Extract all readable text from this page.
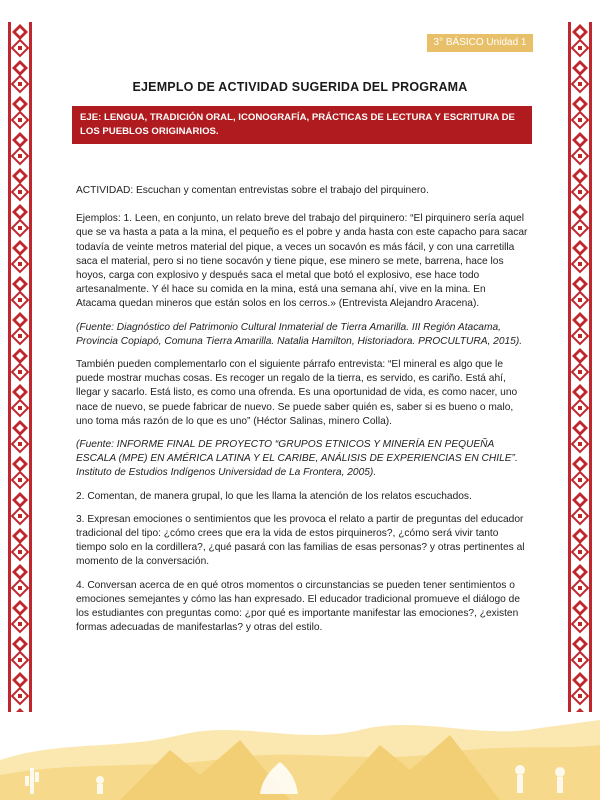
3° BÁSICO Unidad 1
EJEMPLO DE ACTIVIDAD SUGERIDA DEL PROGRAMA
EJE: LENGUA, TRADICIÓN ORAL, ICONOGRAFÍA, PRÁCTICAS DE LECTURA Y ESCRITURA DE LOS PUEBLOS ORIGINARIOS.

ACTIVIDAD: Escuchan y comentan entrevistas sobre el trabajo del pirquinero.

Ejemplos: 1. Leen, en conjunto, un relato breve del trabajo del pirquinero: “El pirquinero sería aquel que se va hasta a pata a la mina, el pequeño es el pobre y anda hasta con este capacho para sacar todavía de veinte metros material del pique, a veces un socavón es más fácil, y con una carretilla saca el material, pero si no tiene socavón y tiene pique, ese minero se mete, barrena, hace los hoyos, carga con explosivo y después saca el metal que botó el explosivo, ese hace todo artesanalmente. Y él hace su comida en la mina, está una semana ahí, vive en la mina. En Atacama quedan mineros que están solos en los cerros.» (Entrevista Alejandro Aracena).

(Fuente: Diagnóstico del Patrimonio Cultural Inmaterial de Tierra Amarilla. III Región Atacama, Provincia Copiapó, Comuna Tierra Amarilla. Natalia Hamilton, Historiadora. PROCULTURA, 2015).

También pueden complementarlo con el siguiente párrafo entrevista: “El mineral es algo que le puede mostrar muchas cosas. Es recoger un regalo de la tierra, es servido, es cariño. Está ahí, llegar y sacarlo. Está listo, es como una ofrenda. Es una oportunidad de vida, es como nacer, uno nace de nuevo, se puede fabricar de nuevo. Se puede saber quién es, saber si es bueno o malo, uno toma más razón de lo que es uno” (Héctor Salinas, minero Colla).

(Fuente: INFORME FINAL DE PROYECTO “GRUPOS ETNICOS Y MINERÍA EN PEQUEÑA ESCALA (MPE) EN AMÉRICA LATINA Y EL CARIBE, ANÁLISIS DE EXPERIENCIAS EN CHILE”. Instituto de Estudios Indígenos Universidad de La Frontera, 2005).

2. Comentan, de manera grupal, lo que les llama la atención de los relatos escuchados.

3. Expresan emociones o sentimientos que les provoca el relato a partir de preguntas del educador tradicional del tipo: ¿cómo crees que era la vida de estos pirquineros?, ¿cómo será vivir tanto tiempo solo en la cordillera?, ¿qué pasará con las familias de esas personas? y otras pertinentes al momento de la conversación.

4. Conversan acerca de en qué otros momentos o circunstancias se pueden tener sentimientos o emociones semejantes y cómo las han expresado. El educador tradicional promueve el diálogo de los estudiantes con preguntas como: ¿por qué es importante manifestar las emociones?, ¿existen formas adecuadas de manifestarlas? y otras del estilo.
